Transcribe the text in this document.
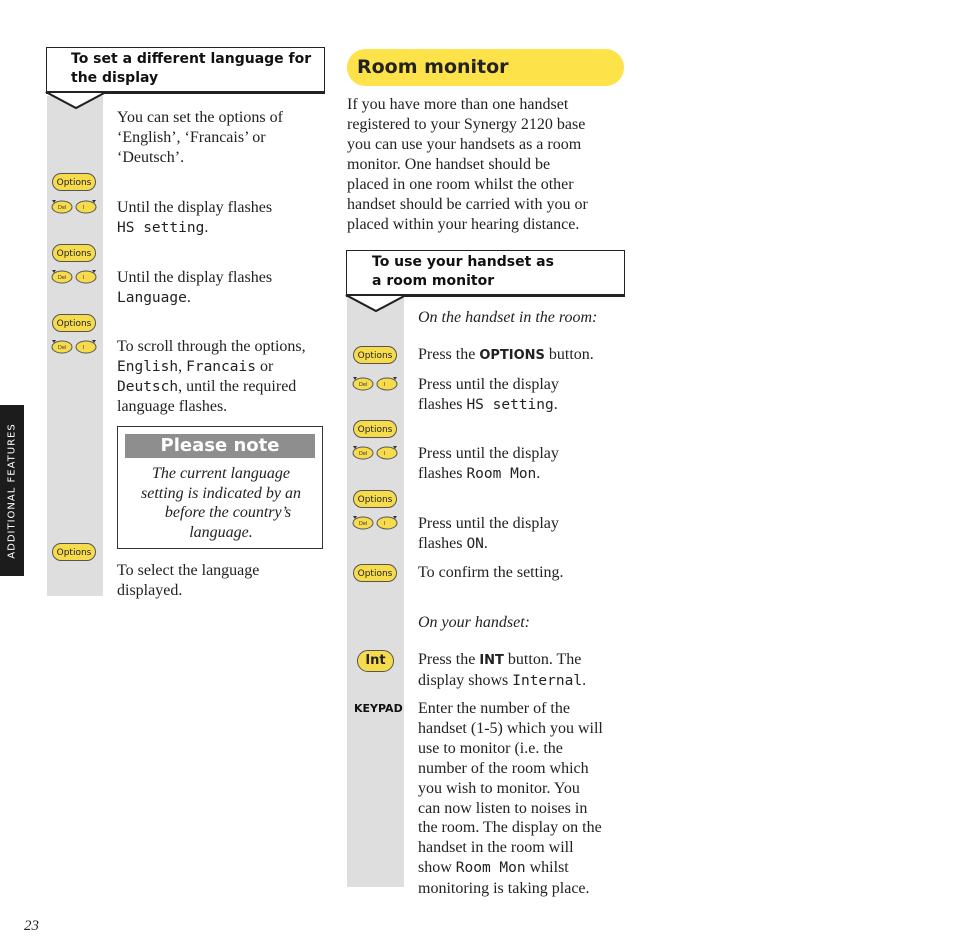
ADDITIONAL FEATURES
23
To set a different language for
the display
You can set the options of
‘English’, ‘Francais’ or
‘Deutsch’.
Options
Del	I Until the display flashes
HS setting.
Options
Del	I Until the display flashes
Language.
Options
Del	I To scroll through the options,
English, Francais or
Deutsch, until the required
language flashes.
Please note
The current language
setting is indicated by an
before the country’s
language.
Options
To select the language
displayed.
Room monitor
If you have more than one handset
registered to your Synergy 2120 base
you can use your handsets as a room
monitor. One handset should be
placed in one room whilst the other
handset should be carried with you or
placed within your hearing distance.
To use your handset as
a room monitor
On the handset in the room:
Options Press the OPTIONS button.
Del	I Press until the display
flashes HS setting.
Options
Del	I Press until the display
flashes Room Mon.
Options
Del	I Press until the display
flashes ON.
Options To confirm the setting.
On your handset:
Int	Press the INT button. The
display shows Internal.
KEYPAD Enter the number of the
handset (1-5) which you will
use to monitor (i.e. the
number of the room which
you wish to monitor. You
can now listen to noises in
the room. The display on the
handset in the room will
show Room Mon whilst
monitoring is taking place.
